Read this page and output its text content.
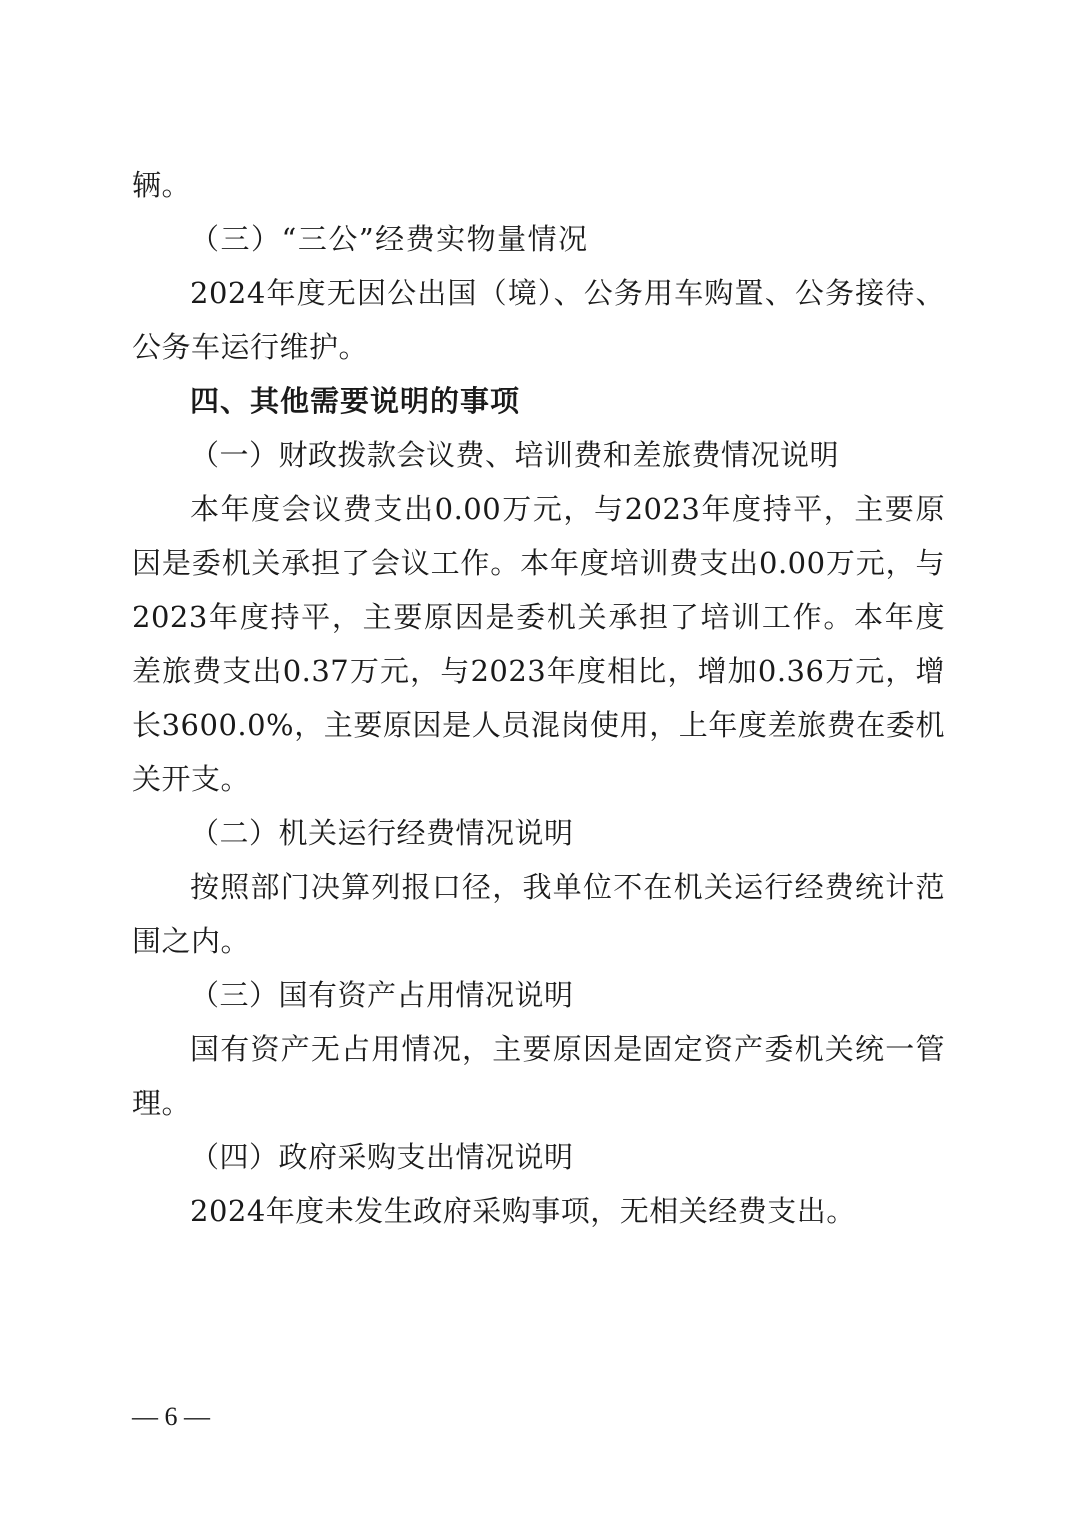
辆。

（三）“三公”经费实物量情况

2024年度无因公出国（境）、公务用车购置、公务接待、公务车运行维护。

四、其他需要说明的事项

（一）财政拨款会议费、培训费和差旅费情况说明

本年度会议费支出0.00万元，与2023年度持平，主要原因是委机关承担了会议工作。本年度培训费支出0.00万元，与2023年度持平，主要原因是委机关承担了培训工作。本年度差旅费支出0.37万元，与2023年度相比，增加0.36万元，增长3600.0%，主要原因是人员混岗使用，上年度差旅费在委机关开支。

（二）机关运行经费情况说明

按照部门决算列报口径，我单位不在机关运行经费统计范围之内。

（三）国有资产占用情况说明

国有资产无占用情况，主要原因是固定资产委机关统一管理。

（四）政府采购支出情况说明

2024年度未发生政府采购事项，无相关经费支出。

— 6 —
